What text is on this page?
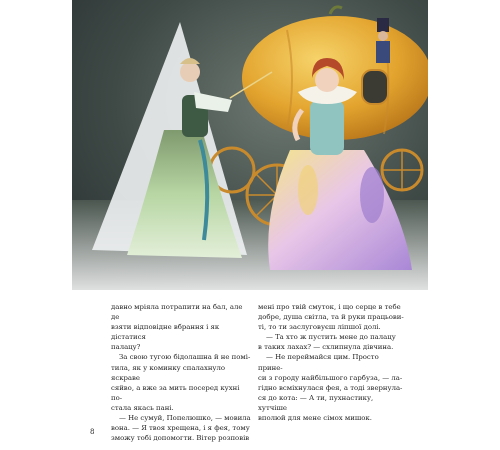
давно мріяла потрапити на бал, але де

взяти відповідне вбрання і як дістатися

палацу?

За свою тугою бідолашна й не помі-

тила, як у коминку спалахнуло яскраве

сяйво, а вже за мить посеред кухні по-

стала якась пані.

— Не сумуй, Попелюшко, — мовила

вона. — Я твоя хрещена, і я фея, тому

зможу тобі допомогти. Вітер розповів

мені про твій смуток, і що серце в тебе

добре, душа світла, та й руки працьови-

ті, то ти заслуговуєш ліпшої долі.

— Та хто ж пустить мене до палацу

в таких лахах? — схлипнула дівчина.

— Не переймайся цим. Просто прине-

си з городу найбільшого гарбуза, — ла-

гідно всміхнулася фея, а тоді звернула-

ся до кота: — А ти, пухнастику, хутчіше

вполюй для мене сімох мишок.

8
